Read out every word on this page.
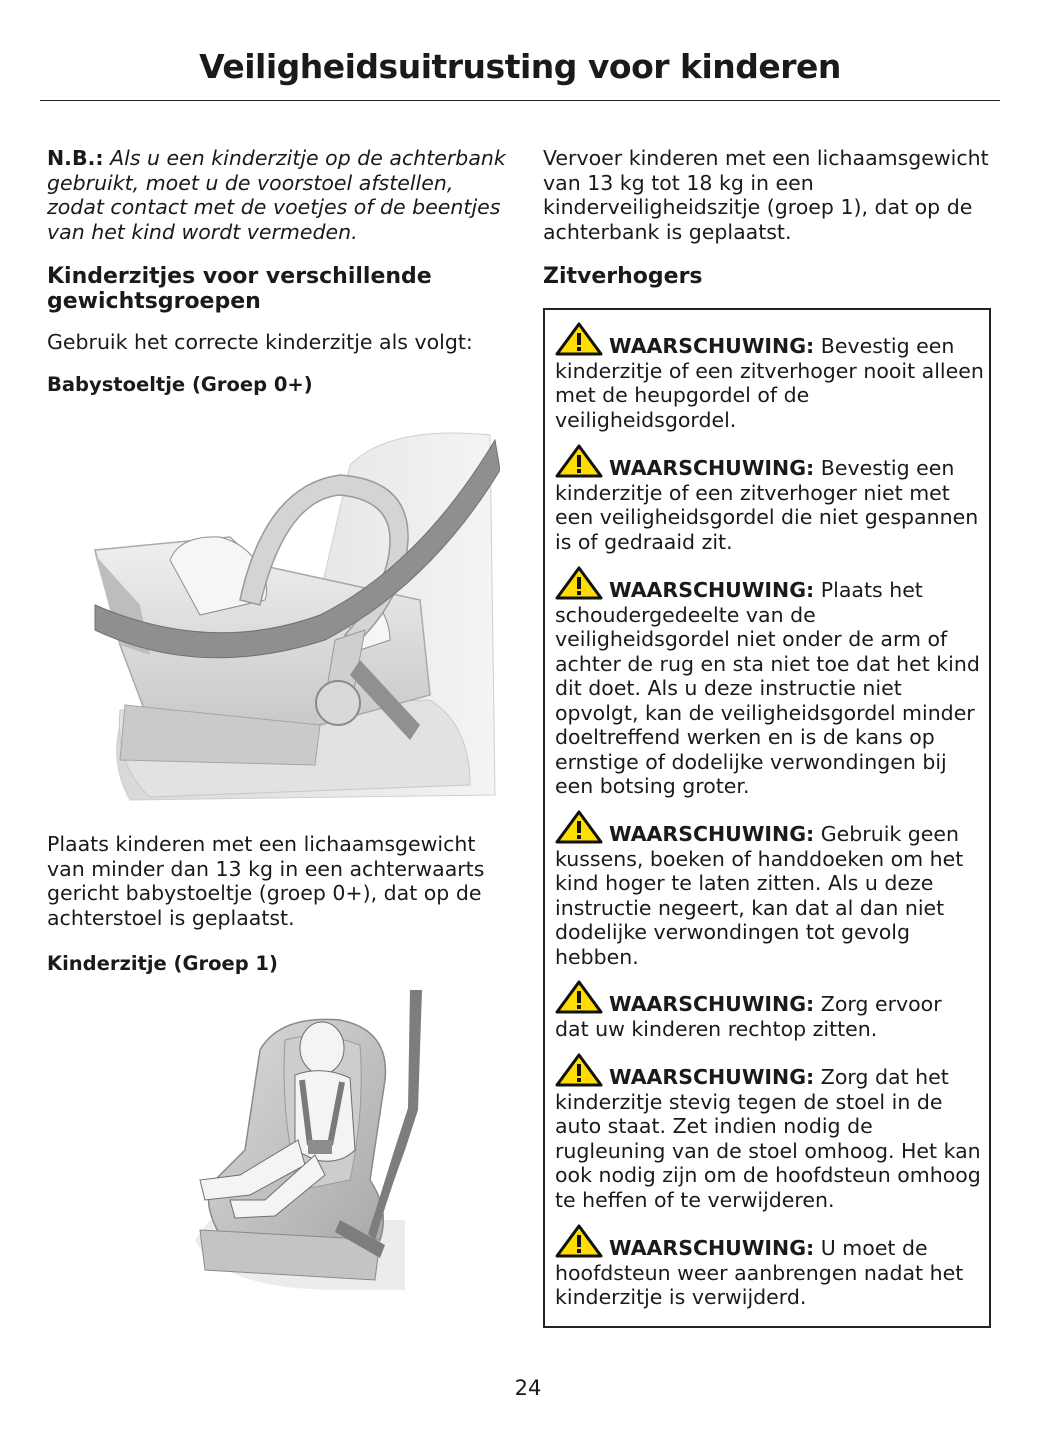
Veiligheidsuitrusting voor kinderen

N.B.: Als u een kinderzitje op de achterbank
gebruikt, moet u de voorstoel afstellen,
zodat contact met de voetjes of de beentjes
van het kind wordt vermeden.

Kinderzitjes voor verschillende
gewichtsgroepen

Gebruik het correcte kinderzitje als volgt:

Babystoeltje (Groep 0+)

Plaats kinderen met een lichaamsgewicht
van minder dan 13 kg in een achterwaarts
gericht babystoeltje (groep 0+), dat op de
achterstoel is geplaatst.

Kinderzitje (Groep 1)

Vervoer kinderen met een lichaamsgewicht
van 13 kg tot 18 kg in een
kinderveiligheidszitje (groep 1), dat op de
achterbank is geplaatst.

Zitverhogers

WAARSCHUWING: Bevestig een
kinderzitje of een zitverhoger nooit alleen
met de heupgordel of de
veiligheidsgordel.
WAARSCHUWING: Bevestig een
kinderzitje of een zitverhoger niet met
een veiligheidsgordel die niet gespannen
is of gedraaid zit.
WAARSCHUWING: Plaats het
schoudergedeelte van de
veiligheidsgordel niet onder de arm of
achter de rug en sta niet toe dat het kind
dit doet. Als u deze instructie niet
opvolgt, kan de veiligheidsgordel minder
doeltreffend werken en is de kans op
ernstige of dodelijke verwondingen bij
een botsing groter.
WAARSCHUWING: Gebruik geen
kussens, boeken of handdoeken om het
kind hoger te laten zitten. Als u deze
instructie negeert, kan dat al dan niet
dodelijke verwondingen tot gevolg
hebben.
WAARSCHUWING: Zorg ervoor
dat uw kinderen rechtop zitten.
WAARSCHUWING: Zorg dat het
kinderzitje stevig tegen de stoel in de
auto staat. Zet indien nodig de
rugleuning van de stoel omhoog. Het kan
ook nodig zijn om de hoofdsteun omhoog
te heffen of te verwijderen.
WAARSCHUWING: U moet de
hoofdsteun weer aanbrengen nadat het
kinderzitje is verwijderd.
24
